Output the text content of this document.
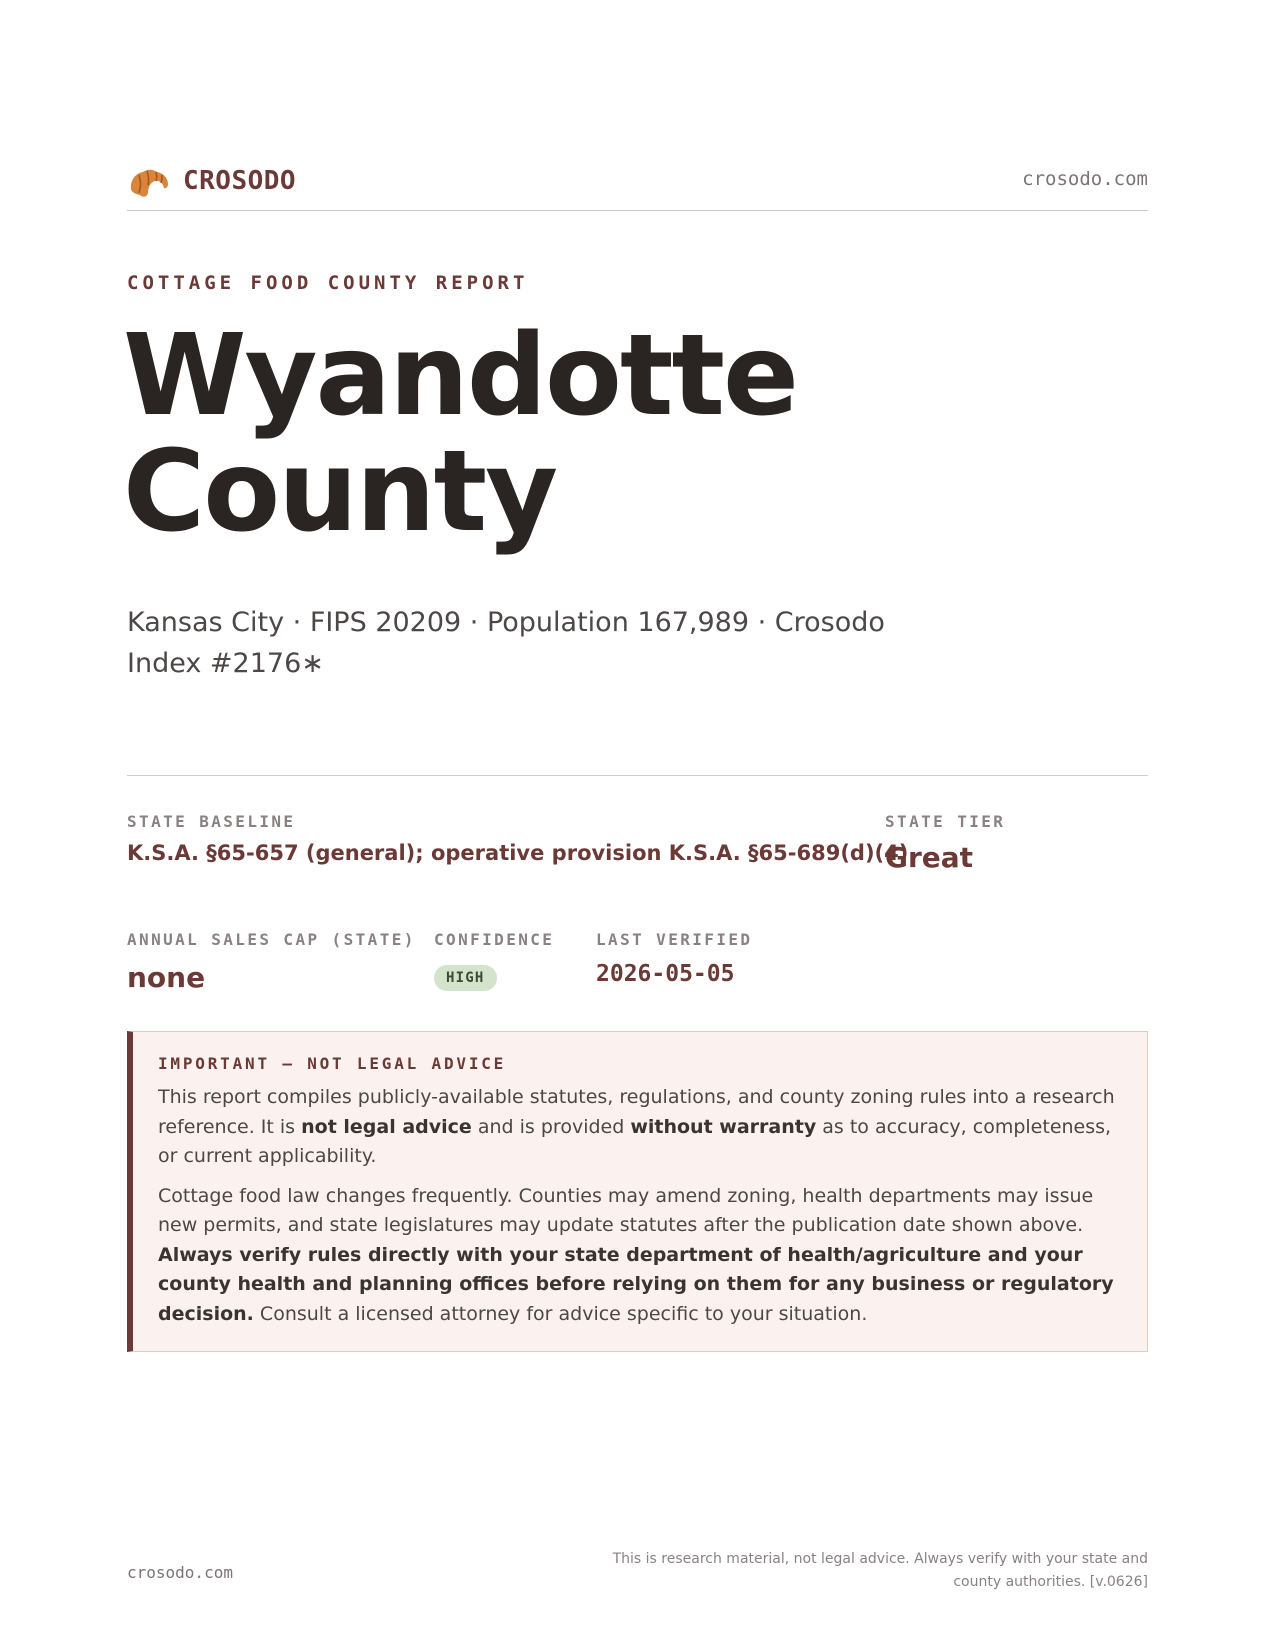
CROSODO	crosodo.com
COTTAGE FOOD COUNTY REPORT
Wyandotte
County
Kansas City · FIPS 20209 · Population 167,989 · Crosodo Index #2176∗
STATE BASELINE
K.S.A. §65-657 (general); operative provision K.S.A. §65-689(d)(4)
STATE TIER
Great
ANNUAL SALES CAP (STATE)
none
CONFIDENCE
HIGH
LAST VERIFIED
2026-05-05
IMPORTANT — NOT LEGAL ADVICE

This report compiles publicly-available statutes, regulations, and county zoning rules into a research reference. It is not legal advice and is provided without warranty as to accuracy, completeness, or current applicability.

Cottage food law changes frequently. Counties may amend zoning, health departments may issue new permits, and state legislatures may update statutes after the publication date shown above. Always verify rules directly with your state department of health/agriculture and your county health and planning offices before relying on them for any business or regulatory decision. Consult a licensed attorney for advice specific to your situation.

crosodo.com
This is research material, not legal advice. Always verify with your state and county authorities. [v.0626]
